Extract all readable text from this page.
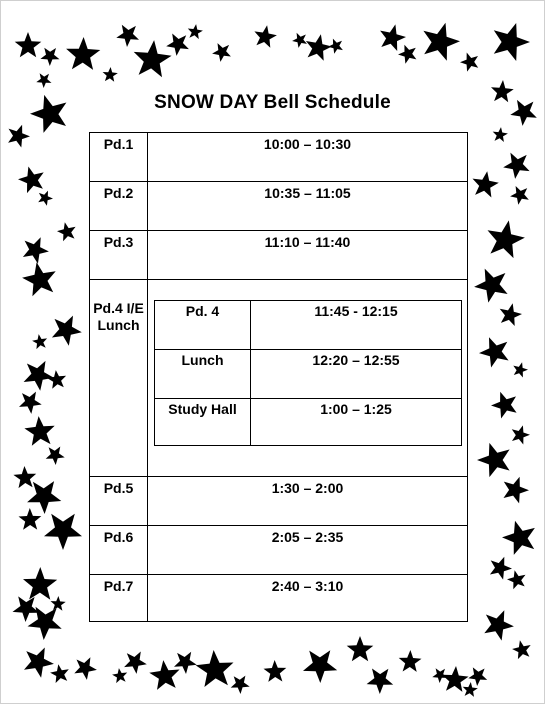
SNOW DAY Bell Schedule
Pd.1	10:00 – 10:30
Pd.2	10:35 – 11:05
Pd.3	11:10 – 11:40
Pd.4 I/E Lunch
Pd. 4	11:45 - 12:15
Lunch	12:20 – 12:55
Study Hall	1:00 – 1:25
Pd.5	1:30 – 2:00
Pd.6	2:05 – 2:35
Pd.7	2:40 – 3:10
